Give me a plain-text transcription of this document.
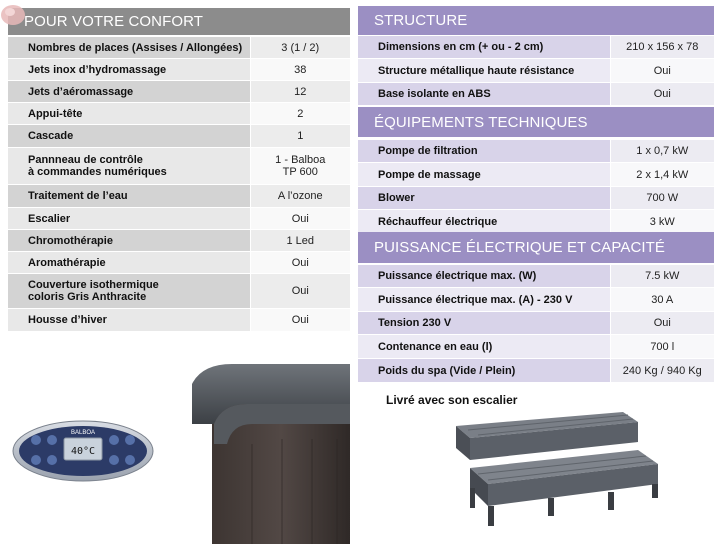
POUR VOTRE CONFORT
Nombres de places (Assises / Allongées)	3 (1 / 2)
Jets inox d’hydromassage	38
Jets d’aéromassage	12
Appui-tête	2
Cascade	1
Pannneau de contrôle
à commandes numériques	1 - Balboa
TP 600
Traitement de l’eau	A l’ozone
Escalier	Oui
Chromothérapie	1 Led
Aromathérapie	Oui
Couverture isothermique
coloris Gris Anthracite	Oui
Housse d’hiver	Oui
STRUCTURE
Dimensions en cm (+ ou - 2 cm)	210 x 156 x 78
Structure métallique haute résistance	Oui
Base isolante en ABS	Oui
ÉQUIPEMENTS TECHNIQUES
Pompe de filtration	1 x 0,7 kW
Pompe de massage	2 x 1,4 kW
Blower	700 W
Réchauffeur électrique	3 kW
PUISSANCE ÉLECTRIQUE ET CAPACITÉ
Puissance électrique max. (W)	7.5 kW
Puissance électrique max. (A) - 230 V	30 A
Tension 230 V	Oui
Contenance en eau (l)	700 l
Poids du spa (Vide / Plein)	240 Kg / 940 Kg
40°C
BALBOA
Livré avec son escalier
